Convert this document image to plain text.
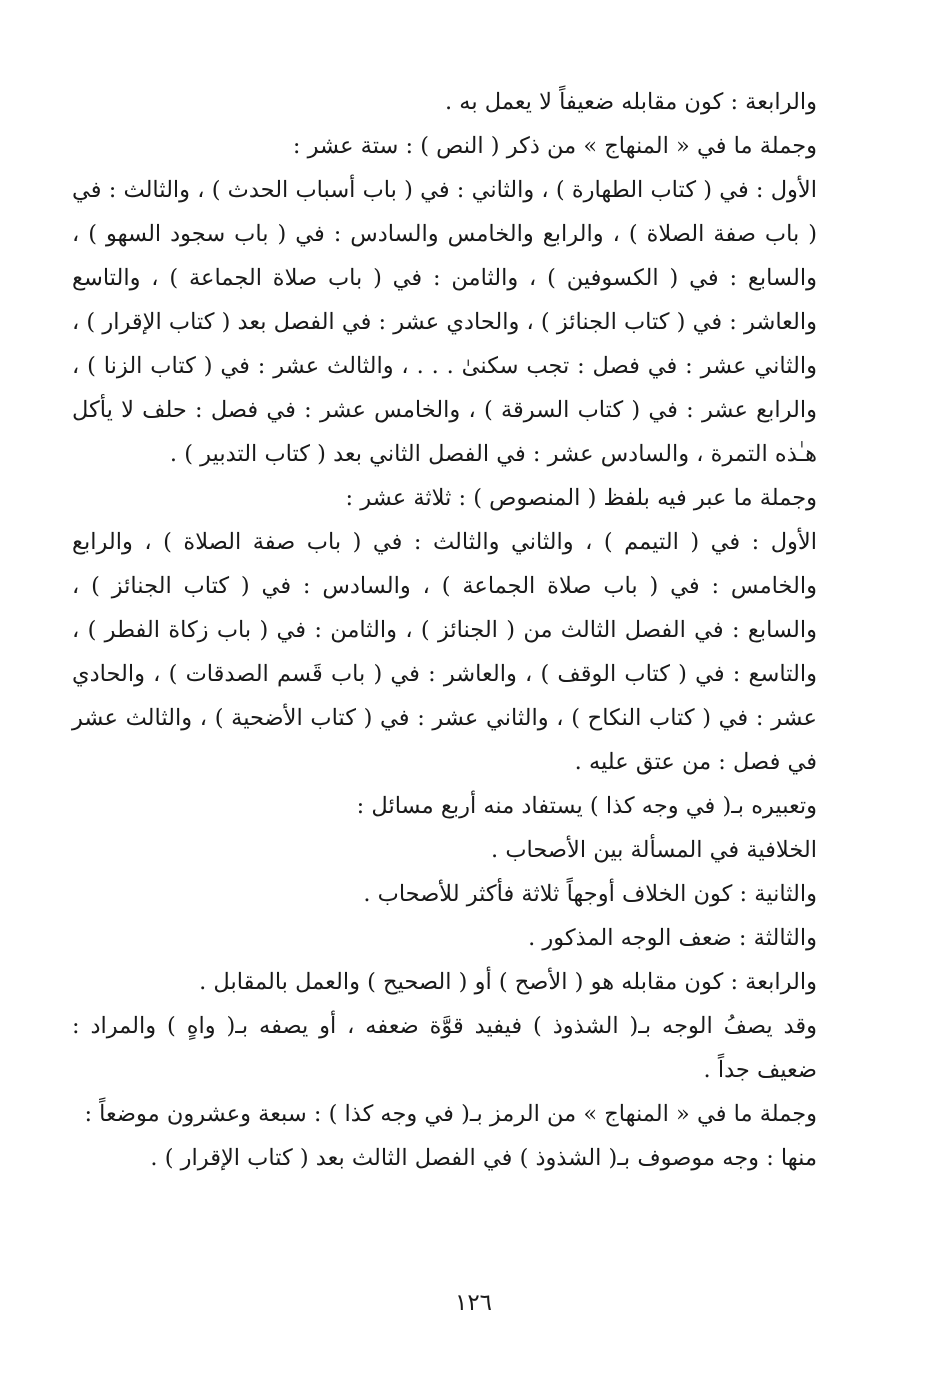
والرابعة : كون مقابله ضعيفاً لا يعمل به .

وجملة ما في « المنهاج » من ذكر ( النص ) : ستة عشر :

الأول : في ( كتاب الطهارة ) ، والثاني : في ( باب أسباب الحدث ) ، والثالث : في ( باب صفة الصلاة ) ، والرابع والخامس والسادس : في ( باب سجود السهو ) ، والسابع : في ( الكسوفين ) ، والثامن : في ( باب صلاة الجماعة ) ، والتاسع والعاشر : في ( كتاب الجنائز ) ، والحادي عشر : في الفصل بعد ( كتاب الإقرار ) ، والثاني عشر : في فصل : تجب سكنىٰ . . . ، والثالث عشر : في ( كتاب الزنا ) ، والرابع عشر : في ( كتاب السرقة ) ، والخامس عشر : في فصل : حلف لا يأكل هـٰذه التمرة ، والسادس عشر : في الفصل الثاني بعد ( كتاب التدبير ) .

وجملة ما عبر فيه بلفظ ( المنصوص ) : ثلاثة عشر :

الأول : في ( التيمم ) ، والثاني والثالث : في ( باب صفة الصلاة ) ، والرابع والخامس : في ( باب صلاة الجماعة ) ، والسادس : في ( كتاب الجنائز ) ، والسابع : في الفصل الثالث من ( الجنائز ) ، والثامن : في ( باب زكاة الفطر ) ، والتاسع : في ( كتاب الوقف ) ، والعاشر : في ( باب قَسم الصدقات ) ، والحادي عشر : في ( كتاب النكاح ) ، والثاني عشر : في ( كتاب الأضحية ) ، والثالث عشر في فصل : من عتق عليه .

وتعبيره بـ( في وجه كذا ) يستفاد منه أربع مسائل :

الخلافية في المسألة بين الأصحاب .

والثانية : كون الخلاف أوجهاً ثلاثة فأكثر للأصحاب .

والثالثة : ضعف الوجه المذكور .

والرابعة : كون مقابله هو ( الأصح ) أو ( الصحيح ) والعمل بالمقابل .

وقد يصفُ الوجه بـ( الشذوذ ) فيفيد قوَّة ضعفه ، أو يصفه بـ( واهٍ ) والمراد : ضعيف جداً .

وجملة ما في « المنهاج » من الرمز بـ( في وجه كذا ) : سبعة وعشرون موضعاً :

منها : وجه موصوف بـ( الشذوذ ) في الفصل الثالث بعد ( كتاب الإقرار ) .

١٢٦
